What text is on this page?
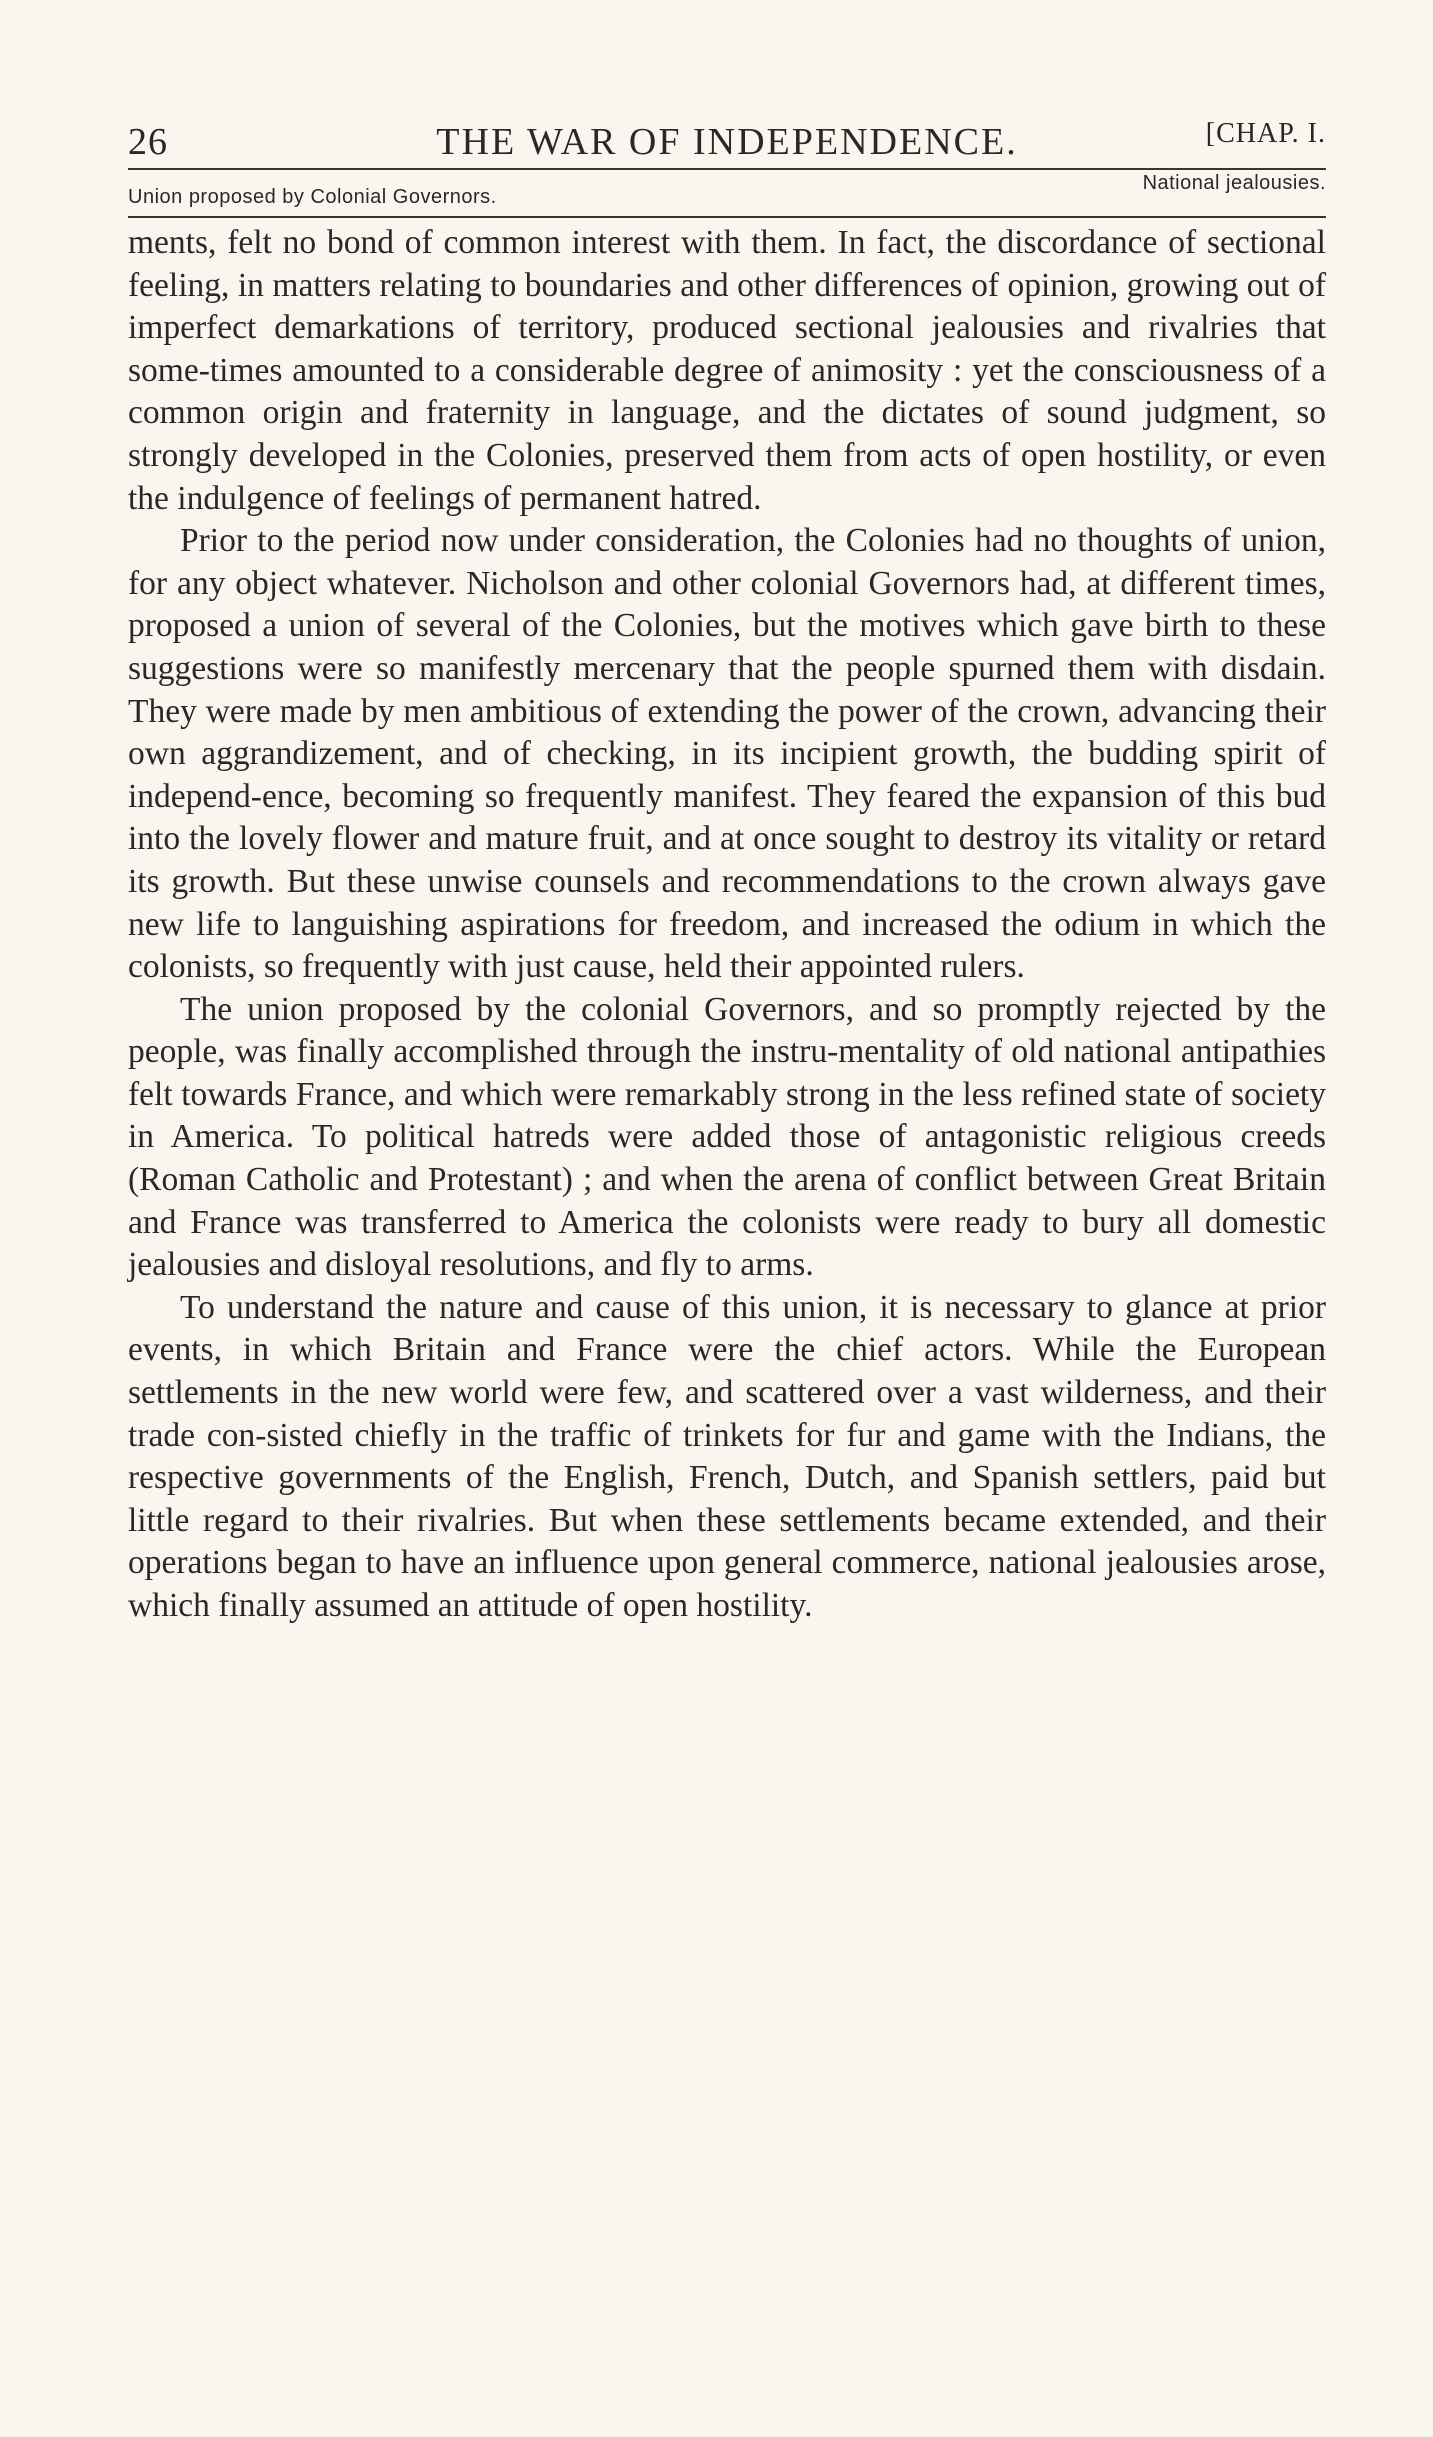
26	THE WAR OF INDEPENDENCE.	[CHAP. I.
Union proposed by Colonial Governors.
National jealousies.

ments, felt no bond of common interest with them. In fact, the discordance of sectional feeling, in matters relating to boundaries and other differences of opinion, growing out of imperfect demarkations of territory, produced sectional jealousies and rivalries that some-times amounted to a considerable degree of animosity : yet the consciousness of a common origin and fraternity in language, and the dictates of sound judgment, so strongly developed in the Colonies, preserved them from acts of open hostility, or even the indulgence of feelings of permanent hatred.

Prior to the period now under consideration, the Colonies had no thoughts of union, for any object whatever. Nicholson and other colonial Governors had, at different times, proposed a union of several of the Colonies, but the motives which gave birth to these suggestions were so manifestly mercenary that the people spurned them with disdain. They were made by men ambitious of extending the power of the crown, advancing their own aggrandizement, and of checking, in its incipient growth, the budding spirit of independ-ence, becoming so frequently manifest. They feared the expansion of this bud into the lovely flower and mature fruit, and at once sought to destroy its vitality or retard its growth. But these unwise counsels and recommendations to the crown always gave new life to languishing aspirations for freedom, and increased the odium in which the colonists, so frequently with just cause, held their appointed rulers.

The union proposed by the colonial Governors, and so promptly rejected by the people, was finally accomplished through the instru-mentality of old national antipathies felt towards France, and which were remarkably strong in the less refined state of society in America. To political hatreds were added those of antagonistic religious creeds (Roman Catholic and Protestant) ; and when the arena of conflict between Great Britain and France was transferred to America the colonists were ready to bury all domestic jealousies and disloyal resolutions, and fly to arms.

To understand the nature and cause of this union, it is necessary to glance at prior events, in which Britain and France were the chief actors. While the European settlements in the new world were few, and scattered over a vast wilderness, and their trade con-sisted chiefly in the traffic of trinkets for fur and game with the Indians, the respective governments of the English, French, Dutch, and Spanish settlers, paid but little regard to their rivalries. But when these settlements became extended, and their operations began to have an influence upon general commerce, national jealousies arose, which finally assumed an attitude of open hostility.
